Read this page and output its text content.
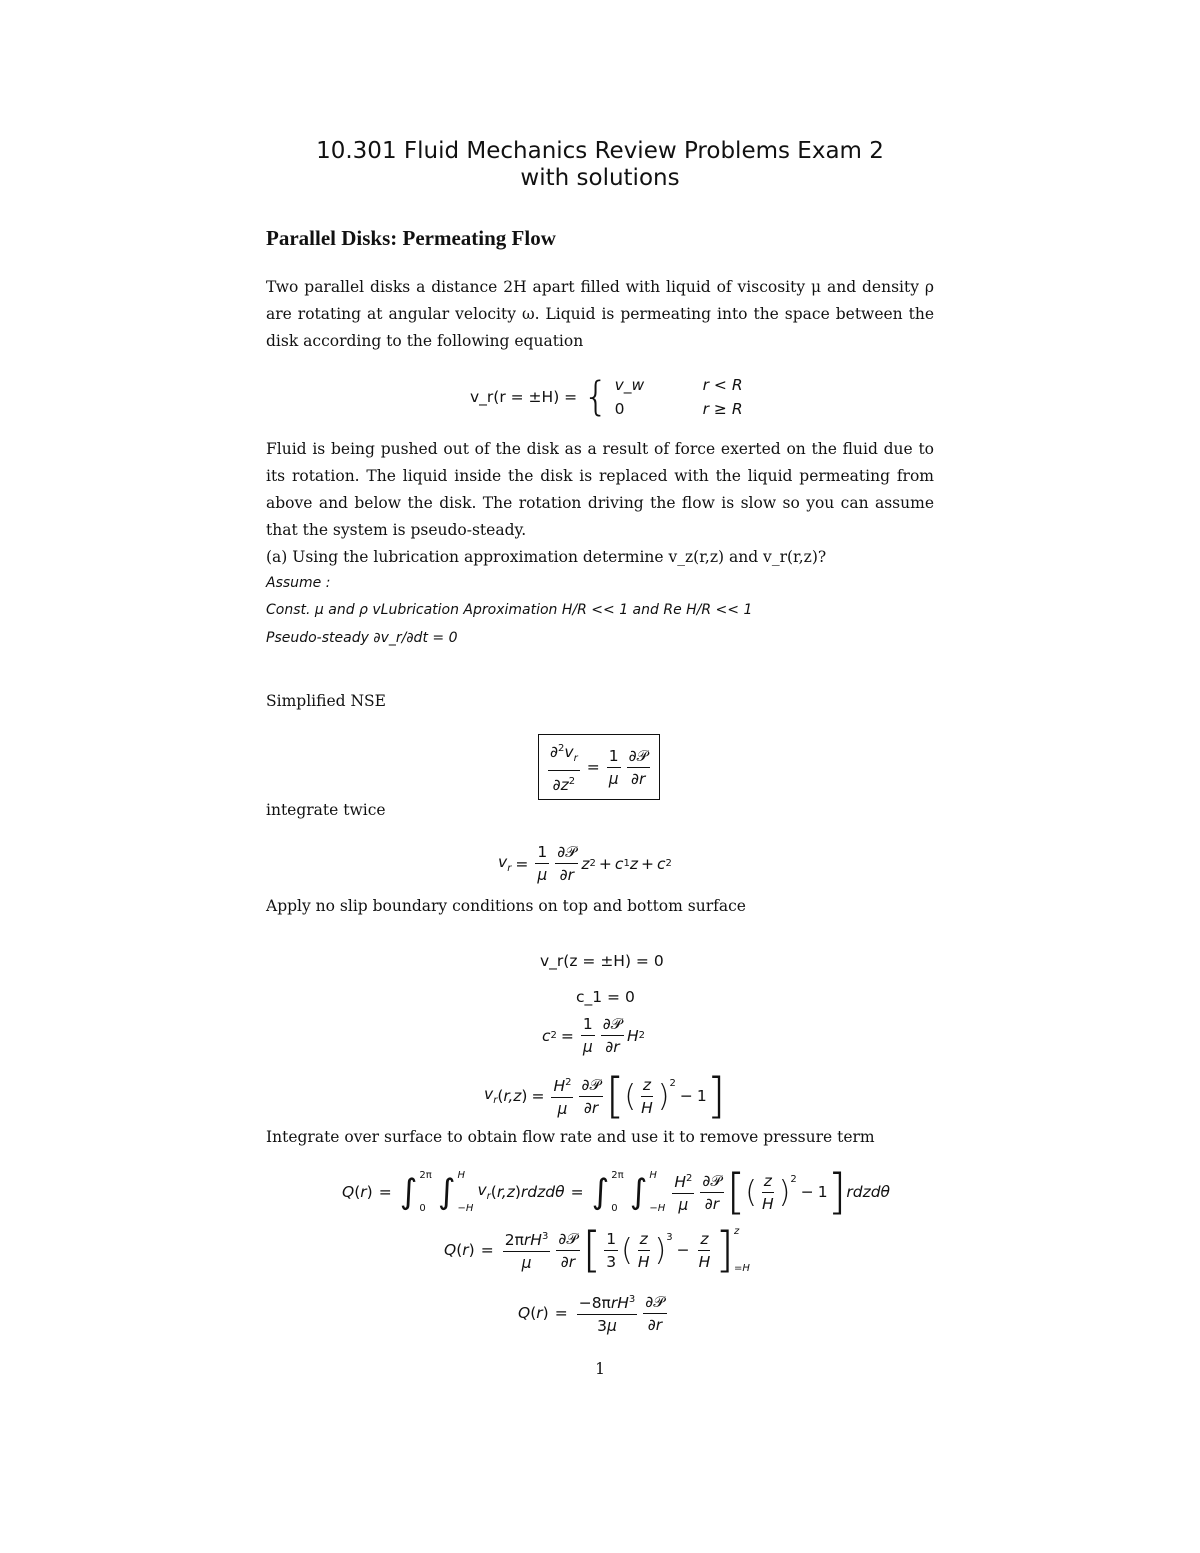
10.301 Fluid Mechanics Review Problems Exam 2
with solutions
Parallel Disks: Permeating Flow
Two parallel disks a distance 2H apart filled with liquid of viscosity μ and density ρ are rotating at angular velocity ω. Liquid is permeating into the space between the disk according to the following equation
v_r(r = ±H) = { v_w	r < R
0	r ≥ R
Fluid is being pushed out of the disk as a result of force exerted on the fluid due to its rotation. The liquid inside the disk is replaced with the liquid permeating from above and below the disk. The rotation driving the flow is slow so you can assume that the system is pseudo-steady.
(a) Using the lubrication approximation determine v_z(r,z) and v_r(r,z)?
Assume :
Const. μ and ρ vLubrication Aproximation H/R << 1 and Re H/R << 1
Pseudo-steady ∂v_r/∂dt = 0
Simplified NSE
$\frac{\partial^2v_r}{\partial z^2} = \frac{1}{\mu} \frac{\text{∂𝒫}}{\partial r}$
integrate twice
$v_r = \frac{1}{\mu} \frac{\text{∂𝒫}}{\partial r}$ z 2 + c 1 z + c 2
Apply no slip boundary conditions on top and bottom surface
v_r(z = ±H) = 0
c_1 = 0
c $2 = \frac{1}{\mu} \frac{\text{∂𝒫}}{\partial r}$ H 2
$v_r$ ( r,z ) = $\frac{H^2}{\mu} \frac{\text{∂𝒫}}{\partial r}$ [ ( $\frac{z}{H} )^2$
− 1 ]
Integrate over surface to obtain flow rate and use it to remove pressure term
Q ( r ) = ∫ 2π
0 ∫ H
−H
$v_r$ ( r,z ) rdzdθ = ∫ 2π
0 ∫ H
$-H \frac{H^2}{\mu} \frac{\text{∂𝒫}}{\partial r}$ [ ( $\frac{z}{H} )^2$
− 1 ] rdzdθ
Q ( r ) = $\frac{2\pi rH^3}{\mu} \frac{\text{∂𝒫}}{\partial r}$ [ $\frac{1}{3}$ ( $\frac{z}{H} )^3$
− $\frac{z}{H}$ ] z
=H
Q ( r ) = $\frac{-8\pi rH^3}{3\mu} \frac{\text{∂𝒫}}{\partial r}$
1
